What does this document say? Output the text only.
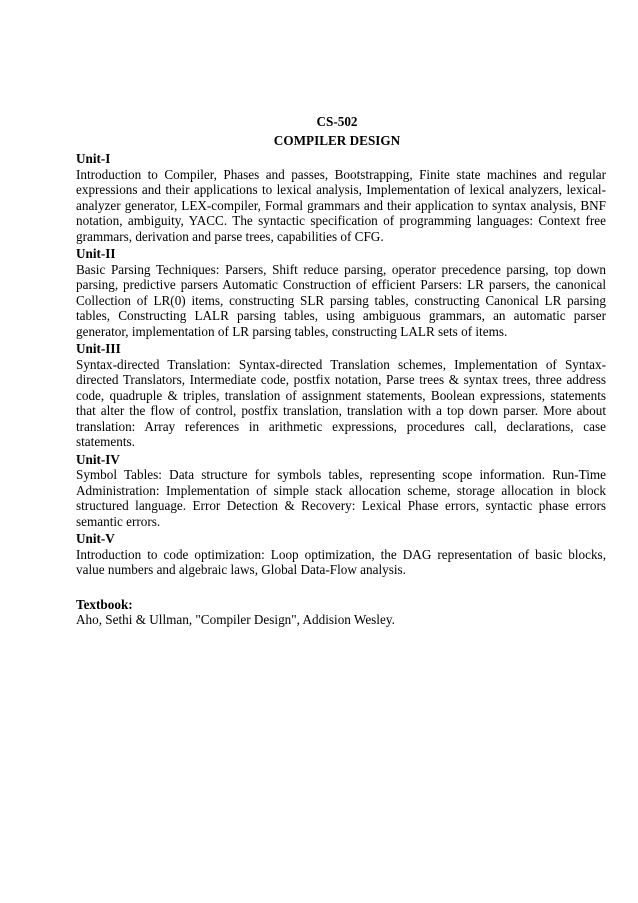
CS-502
COMPILER DESIGN

Unit-I

Introduction to Compiler, Phases and passes, Bootstrapping, Finite state machines and regular expressions and their applications to lexical analysis, Implementation of lexical analyzers, lexical-analyzer generator, LEX-compiler, Formal grammars and their application to syntax analysis, BNF notation, ambiguity, YACC. The syntactic specification of programming languages: Context free grammars, derivation and parse trees, capabilities of CFG.

Unit-II

Basic Parsing Techniques: Parsers, Shift reduce parsing, operator precedence parsing, top down parsing, predictive parsers Automatic Construction of efficient Parsers: LR parsers, the canonical Collection of LR(0) items, constructing SLR parsing tables, constructing Canonical LR parsing tables, Constructing LALR parsing tables, using ambiguous grammars, an automatic parser generator, implementation of LR parsing tables, constructing LALR sets of items.

Unit-III

Syntax-directed Translation: Syntax-directed Translation schemes, Implementation of Syntax-directed Translators, Intermediate code, postfix notation, Parse trees & syntax trees, three address code, quadruple & triples, translation of assignment statements, Boolean expressions, statements that alter the flow of control, postfix translation, translation with a top down parser. More about translation: Array references in arithmetic expressions, procedures call, declarations, case statements.

Unit-IV

Symbol Tables: Data structure for symbols tables, representing scope information. Run-Time Administration: Implementation of simple stack allocation scheme, storage allocation in block structured language. Error Detection & Recovery: Lexical Phase errors, syntactic phase errors semantic errors.

Unit-V

Introduction to code optimization: Loop optimization, the DAG representation of basic blocks, value numbers and algebraic laws, Global Data-Flow analysis.

Textbook:

Aho, Sethi & Ullman, "Compiler Design", Addision Wesley.
